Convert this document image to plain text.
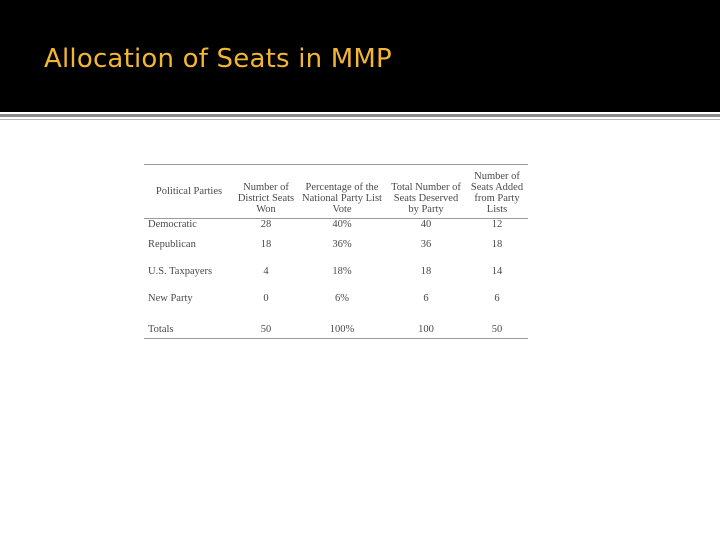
Allocation of Seats in MMP
Political Parties	Number of District Seats Won	Percentage of the National Party List Vote	Total Number of Seats Deserved by Party	Number of Seats Added from Party Lists
Democratic	28	40%	40	12
Republican	18	36%	36	18
U.S. Taxpayers	4	18%	18	14
New Party	0	6%	6	6
Totals	50	100%	100	50
